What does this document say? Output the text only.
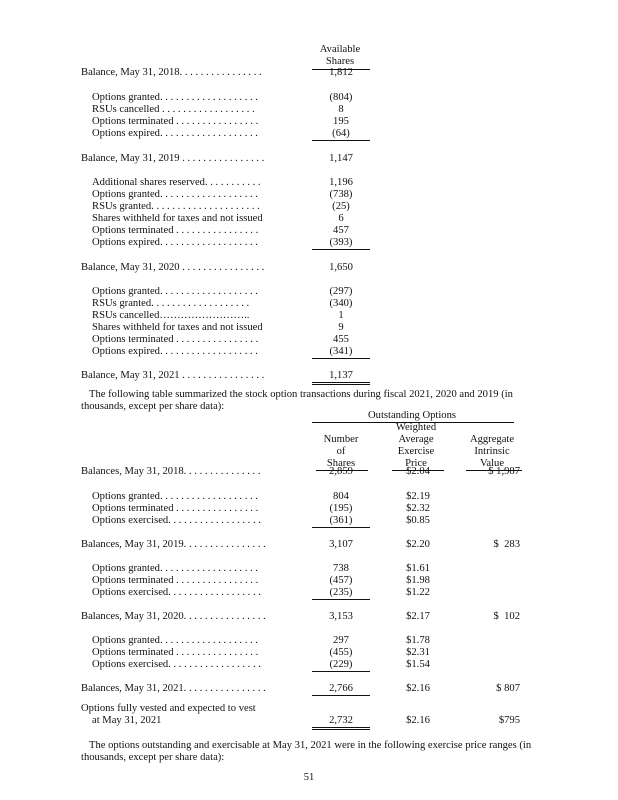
Available
Shares
Balance, May 31, 2018. . . . . . . . . . . . . . . .	1,812
Options granted. . . . . . . . . . . . . . . . . . .	(804)
RSUs cancelled . . . . . . . . . . . . . . . . . .	8
Options terminated . . . . . . . . . . . . . . . .	195
Options expired. . . . . . . . . . . . . . . . . . .	(64)
Balance, May 31, 2019 . . . . . . . . . . . . . . . .	1,147
Additional shares reserved. . . . . . . . . . .	1,196
Options granted. . . . . . . . . . . . . . . . . . .	(738)
RSUs granted. . . . . . . . . . . . . . . . . . . . .	(25)
Shares withheld for taxes and not issued	6
Options terminated . . . . . . . . . . . . . . . .	457
Options expired. . . . . . . . . . . . . . . . . . .	(393)
Balance, May 31, 2020 . . . . . . . . . . . . . . . .	1,650
Options granted. . . . . . . . . . . . . . . . . . .	(297)
RSUs granted. . . . . . . . . . . . . . . . . . .	(340)
RSUs cancelled……………………..	1
Shares withheld for taxes and not issued	9
Options terminated . . . . . . . . . . . . . . . .	455
Options expired. . . . . . . . . . . . . . . . . . .	(341)
Balance, May 31, 2021 . . . . . . . . . . . . . . . .	1,137
The following table summarized the stock option transactions during fiscal 2021, 2020 and 2019 (in thousands, except per share data):
Outstanding Options
Number
of
Shares
Weighted
Average
Exercise
Price
Aggregate
Intrinsic
Value
Balances, May 31, 2018. . . . . . . . . . . . . . .	2,859	$2.04	$ 1,987
Options granted. . . . . . . . . . . . . . . . . . .	804	$2.19
Options terminated . . . . . . . . . . . . . . . .	(195)	$2.32
Options exercised. . . . . . . . . . . . . . . . . .	(361)	$0.85
Balances, May 31, 2019. . . . . . . . . . . . . . . .	3,107	$2.20	$  283
Options granted. . . . . . . . . . . . . . . . . . .	738	$1.61
Options terminated . . . . . . . . . . . . . . . .	(457)	$1.98
Options exercised. . . . . . . . . . . . . . . . . .	(235)	$1.22
Balances, May 31, 2020. . . . . . . . . . . . . . . .	3,153	$2.17	$  102
Options granted. . . . . . . . . . . . . . . . . . .	297	$1.78
Options terminated . . . . . . . . . . . . . . . .	(455)	$2.31
Options exercised. . . . . . . . . . . . . . . . . .	(229)	$1.54
Balances, May 31, 2021. . . . . . . . . . . . . . . .	2,766	$2.16	$ 807
Options fully vested and expected to vest
at May 31, 2021	2,732	$2.16	$795
The options outstanding and exercisable at May 31, 2021 were in the following exercise price ranges (in thousands, except per share data):
51
